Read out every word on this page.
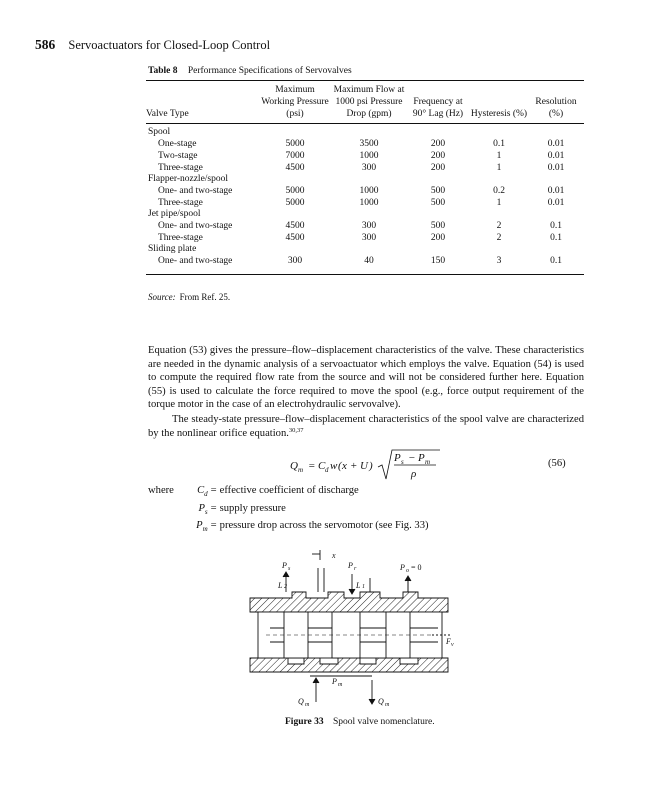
586 Servoactuators for Closed-Loop Control
Table 8 Performance Specifications of Servovalves
Valve Type	Maximum Working Pressure (psi)	Maximum Flow at 1000 psi Pressure Drop (gpm)	Frequency at 90° Lag (Hz)	Hysteresis (%)	Resolution (%)
Spool					
One-stage	5000	3500	200	0.1	0.01
Two-stage	7000	1000	200	1	0.01
Three-stage	4500	300	200	1	0.01
Flapper-nozzle/spool					
One- and two-stage	5000	1000	500	0.2	0.01
Three-stage	5000	1000	500	1	0.01
Jet pipe/spool					
One- and two-stage	4500	300	500	2	0.1
Three-stage	4500	300	200	2	0.1
Sliding plate					
One- and two-stage	300	40	150	3	0.1
Source: From Ref. 25.
Equation (53) gives the pressure–flow–displacement characteristics of the valve. These characteristics are needed in the dynamic analysis of a servoactuator which employs the valve. Equation (54) is used to compute the required flow rate from the source and will not be considered further here. Equation (55) is used to calculate the force required to move the spool (e.g., force output requirement of the torque motor in the case of an electrohydraulic servovalve).
The steady-state pressure–flow–displacement characteristics of the spool valve are characterized by the nonlinear orifice equation.$^{30,37}$
Q m = C d w ( x + U )
P s − P m
ρ
(56)
where $C_d$ = effective coefficient of discharge
$P_s$ = supply pressure
$P_m$ = pressure drop across the servomotor (see Fig. 33)
x
P s	P r	P o = 0
L 2	L 1
F v
P m
Q m	Q m
Figure 33 Spool valve nomenclature.
